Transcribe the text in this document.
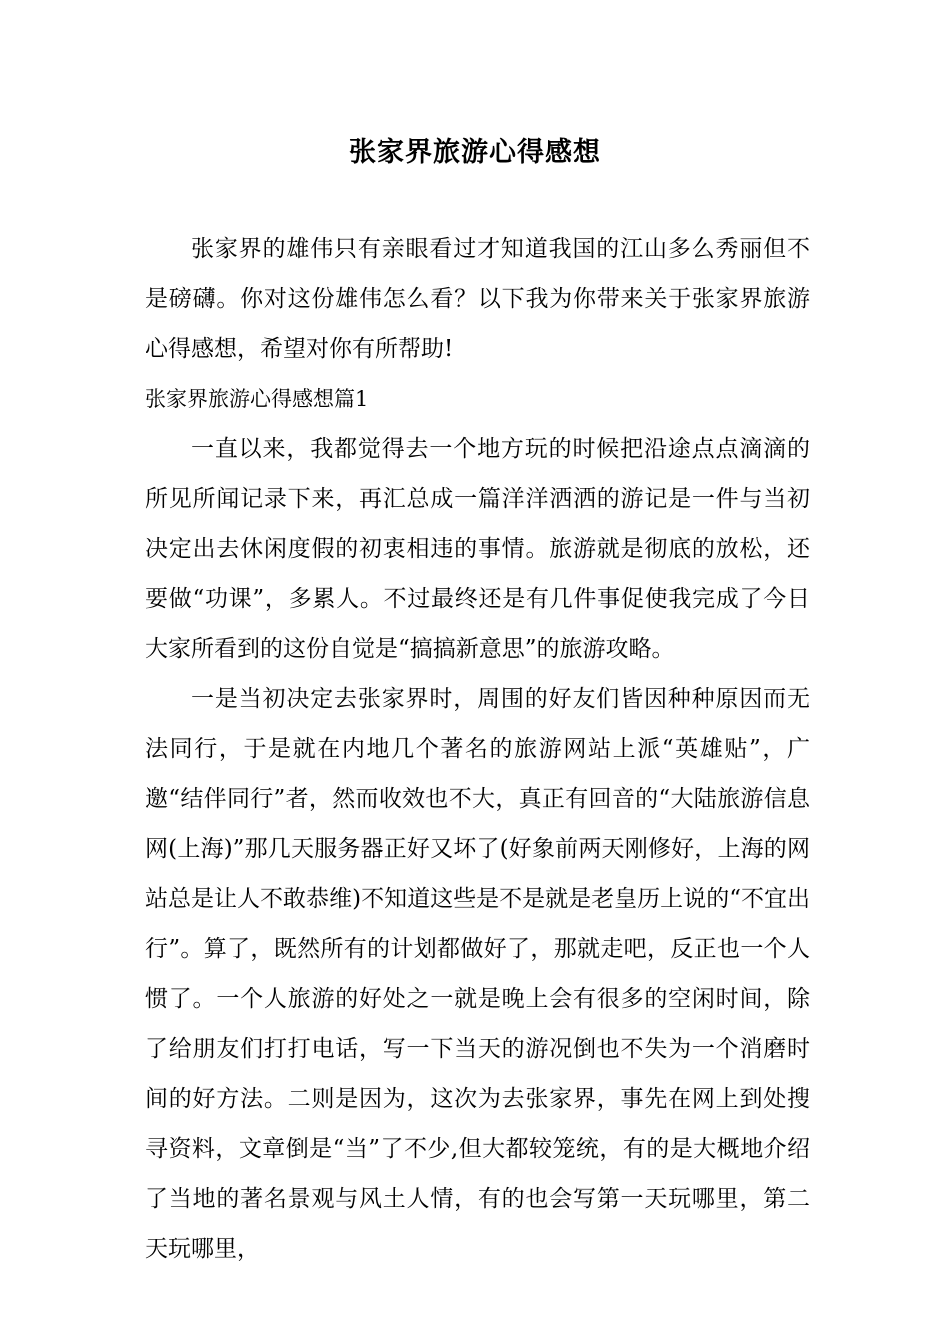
张家界旅游心得感想

张家界的雄伟只有亲眼看过才知道我国的江山多么秀丽但不是磅礴。你对这份雄伟怎么看？以下我为你带来关于张家界旅游心得感想，希望对你有所帮助!

张家界旅游心得感想篇1

一直以来，我都觉得去一个地方玩的时候把沿途点点滴滴的所见所闻记录下来，再汇总成一篇洋洋洒洒的游记是一件与当初决定出去休闲度假的初衷相违的事情。旅游就是彻底的放松，还要做“功课”，多累人。不过最终还是有几件事促使我完成了今日大家所看到的这份自觉是“搞搞新意思”的旅游攻略。

一是当初决定去张家界时，周围的好友们皆因种种原因而无法同行，于是就在内地几个著名的旅游网站上派“英雄贴”，广邀“结伴同行”者，然而收效也不大，真正有回音的“大陆旅游信息网(上海)”那几天服务器正好又坏了(好象前两天刚修好，上海的网站总是让人不敢恭维)不知道这些是不是就是老皇历上说的“不宜出行”。算了，既然所有的计划都做好了，那就走吧，反正也一个人惯了。一个人旅游的好处之一就是晚上会有很多的空闲时间，除了给朋友们打打电话，写一下当天的游况倒也不失为一个消磨时间的好方法。二则是因为，这次为去张家界，事先在网上到处搜寻资料，文章倒是“当”了不少,但大都较笼统，有的是大概地介绍了当地的著名景观与风土人情，有的也会写第一天玩哪里，第二天玩哪里，
